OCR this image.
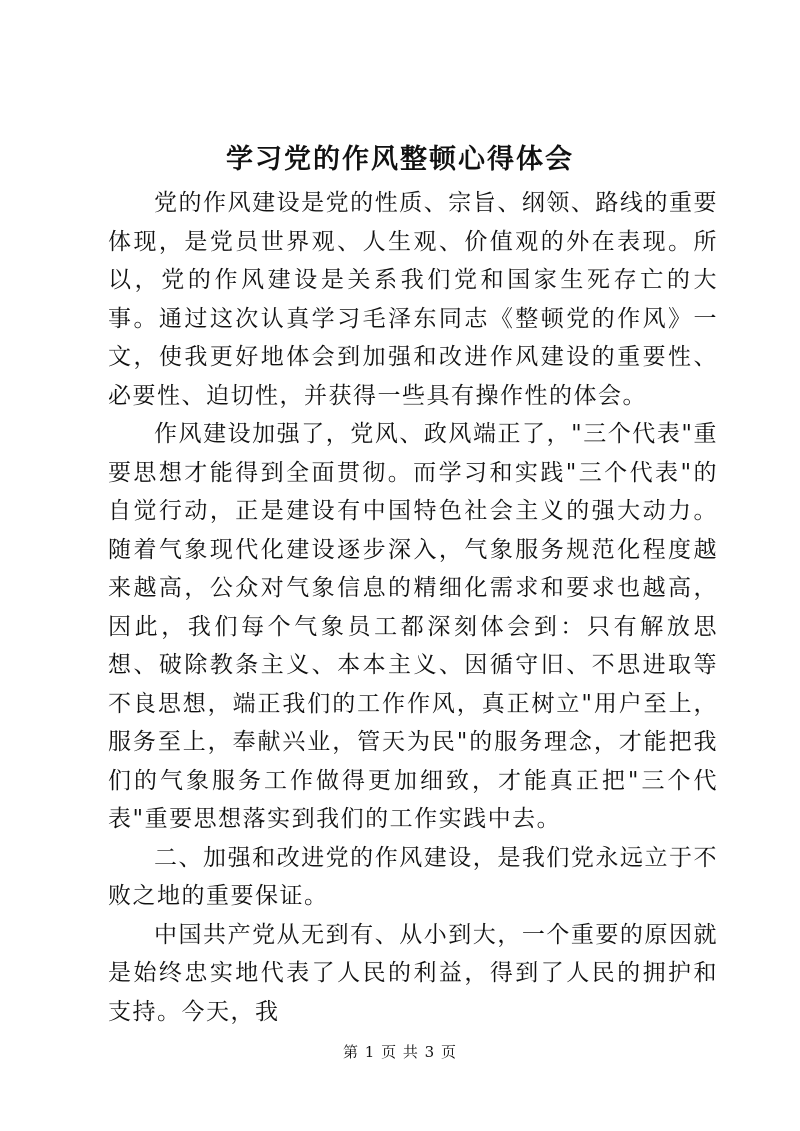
学习党的作风整顿心得体会

党的作风建设是党的性质、宗旨、纲领、路线的重要体现，是党员世界观、人生观、价值观的外在表现。所以，党的作风建设是关系我们党和国家生死存亡的大事。通过这次认真学习毛泽东同志《整顿党的作风》一文，使我更好地体会到加强和改进作风建设的重要性、必要性、迫切性，并获得一些具有操作性的体会。

作风建设加强了，党风、政风端正了，"三个代表"重要思想才能得到全面贯彻。而学习和实践"三个代表"的自觉行动，正是建设有中国特色社会主义的强大动力。随着气象现代化建设逐步深入，气象服务规范化程度越来越高，公众对气象信息的精细化需求和要求也越高，因此，我们每个气象员工都深刻体会到：只有解放思想、破除教条主义、本本主义、因循守旧、不思进取等不良思想，端正我们的工作作风，真正树立"用户至上，服务至上，奉献兴业，管天为民"的服务理念，才能把我们的气象服务工作做得更加细致，才能真正把"三个代表"重要思想落实到我们的工作实践中去。

二、加强和改进党的作风建设，是我们党永远立于不败之地的重要保证。

中国共产党从无到有、从小到大，一个重要的原因就是始终忠实地代表了人民的利益，得到了人民的拥护和支持。今天，我

第 1 页 共 3 页
